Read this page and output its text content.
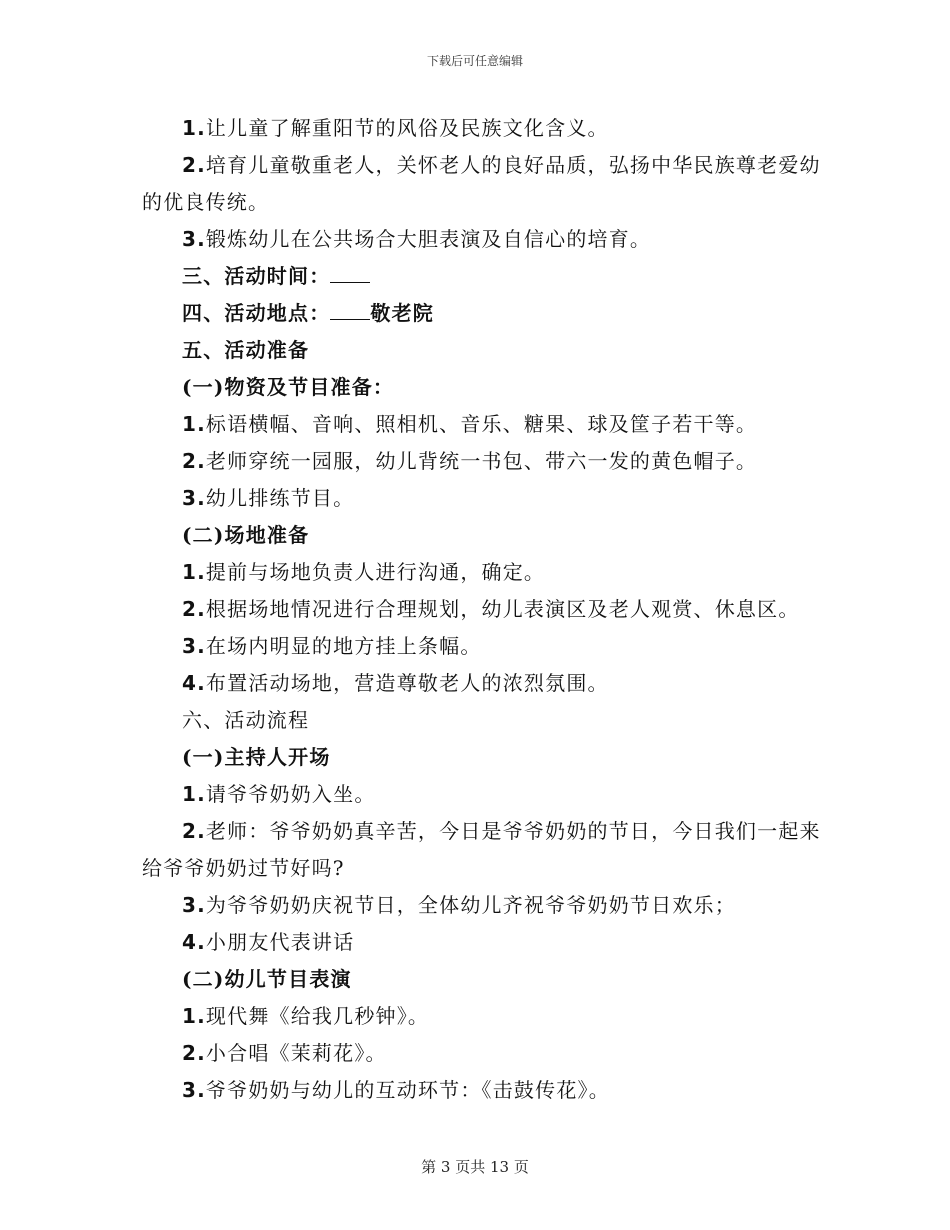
下载后可任意编辑

1.让儿童了解重阳节的风俗及民族文化含义。

2.培育儿童敬重老人，关怀老人的良好品质，弘扬中华民族尊老爱幼的优良传统。

3.锻炼幼儿在公共场合大胆表演及自信心的培育。

三、活动时间：

四、活动地点： 敬老院

五、活动准备

(一)物资及节目准备：

1.标语横幅、音响、照相机、音乐、糖果、球及筐子若干等。

2.老师穿统一园服，幼儿背统一书包、带六一发的黄色帽子。

3.幼儿排练节目。

(二)场地准备

1.提前与场地负责人进行沟通，确定。

2.根据场地情况进行合理规划，幼儿表演区及老人观赏、休息区。

3.在场内明显的地方挂上条幅。

4.布置活动场地，营造尊敬老人的浓烈氛围。

六、活动流程

(一)主持人开场

1.请爷爷奶奶入坐。

2.老师：爷爷奶奶真辛苦，今日是爷爷奶奶的节日，今日我们一起来给爷爷奶奶过节好吗?

3.为爷爷奶奶庆祝节日，全体幼儿齐祝爷爷奶奶节日欢乐；

4.小朋友代表讲话

(二)幼儿节目表演

1.现代舞《给我几秒钟》。

2.小合唱《茉莉花》。

3.爷爷奶奶与幼儿的互动环节：《击鼓传花》。

第 3 页共 13 页
